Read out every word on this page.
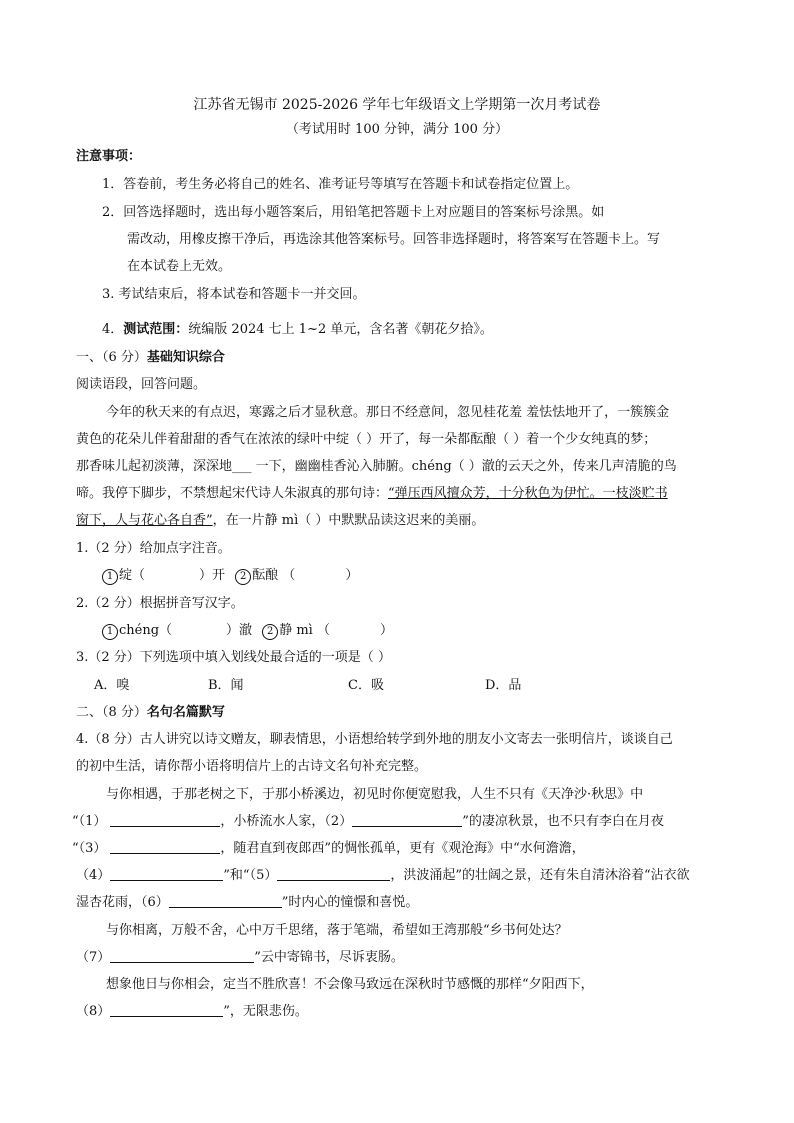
江苏省无锡市 2025-2026 学年七年级语文上学期第一次月考试卷
（考试用时 100 分钟，满分 100 分）
注意事项：
1．答卷前，考生务必将自己的姓名、准考证号等填写在答题卡和试卷指定位置上。
2．回答选择题时，选出每小题答案后，用铅笔把答题卡上对应题目的答案标号涂黑。如
需改动，用橡皮擦干净后，再选涂其他答案标号。回答非选择题时，将答案写在答题卡上。写
在本试卷上无效。
3. 考试结束后，将本试卷和答题卡一并交回。
4．测试范围：统编版 2024 七上 1~2 单元，含名著《朝花夕拾》。
一、（6 分）基础知识综合
阅读语段，回答问题。
今年的秋天来的有点迟，寒露之后才显秋意。那日不经意间，忽见桂花羞 羞怯怯地开了，一簇簇金
黄色的花朵儿伴着甜甜的香气在浓浓的绿叶中绽（ ）开了，每一朵都酝酿（ ）着一个少女纯真的梦；
那香味儿起初淡薄，深深地___ 一下，幽幽桂香沁入肺腑。chéng（ ）澈的云天之外，传来几声清脆的鸟
啼。我停下脚步，不禁想起宋代诗人朱淑真的那句诗：“弹压西风擅众芳，十分秋色为伊忙。一枝淡贮书
窗下，人与花心各自香”，在一片静 mì（ ）中默默品读这迟来的美丽。
1.（2 分）给加点字注音。
1 绽（	）开 2 酝酿 （	）
2.（2 分）根据拼音写汉字。
1 chéng（	）澈 2 静 mì （	）
3.（2 分）下列选项中填入划线处最合适的一项是（ ）
A．嗅	B．闻	C．吸	D．品
二、（8 分）名句名篇默写
4.（8 分）古人讲究以诗文赠友，聊表情思，小语想给转学到外地的朋友小文寄去一张明信片，谈谈自己
的初中生活，请你帮小语将明信片上的古诗文名句补充完整。
与你相遇，于那老树之下，于那小桥溪边，初见时你便宽慰我，人生不只有《天净沙·秋思》中
“（1）	，小桥流水人家，（2）	”的凄凉秋景，也不只有李白在月夜
“（3）	，随君直到夜郎西”的惆怅孤单，更有《观沧海》中“水何澹澹，
（4）	”和“（5）	，洪波涌起”的壮阔之景，还有朱自清沐浴着“沾衣欲
湿杏花雨，（6）	”时内心的憧憬和喜悦。
与你相离，万般不舍，心中万千思绪，落于笔端，希望如王湾那般“乡书何处达？
（7）	”云中寄锦书，尽诉衷肠。
想象他日与你相会，定当不胜欣喜！不会像马致远在深秋时节感慨的那样“夕阳西下，
（8）	”，无限悲伤。
